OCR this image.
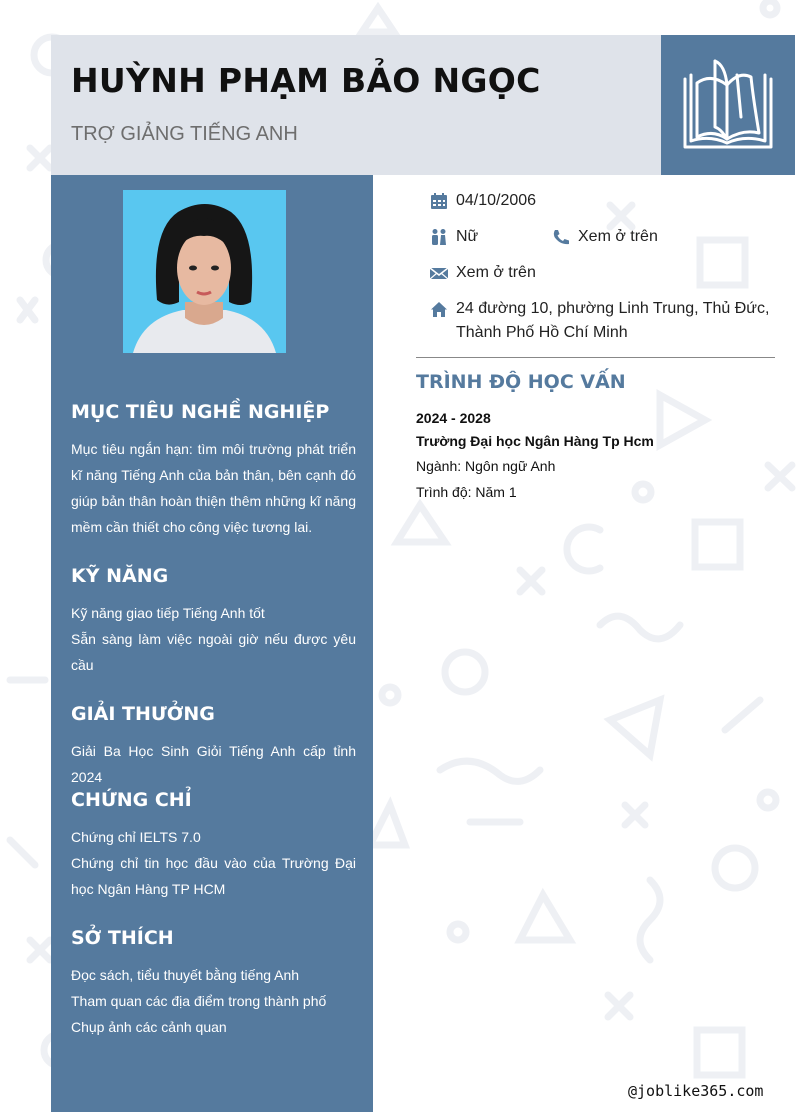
HUỲNH PHẠM BẢO NGỌC
TRỢ GIẢNG TIẾNG ANH
MỤC TIÊU NGHỀ NGHIỆP

Mục tiêu ngắn hạn: tìm môi trường phát triển kĩ năng Tiếng Anh của bản thân, bên cạnh đó giúp bản thân hoàn thiện thêm những kĩ năng mềm cần thiết cho công việc tương lai.

KỸ NĂNG

Kỹ năng giao tiếp Tiếng Anh tốt

Sẵn sàng làm việc ngoài giờ nếu được yêu cầu

GIẢI THƯỞNG

Giải Ba Học Sinh Giỏi Tiếng Anh cấp tỉnh 2024

CHỨNG CHỈ

Chứng chỉ IELTS 7.0

Chứng chỉ tin học đầu vào của Trường Đại học Ngân Hàng TP HCM

SỞ THÍCH

Đọc sách, tiểu thuyết bằng tiếng Anh

Tham quan các địa điểm trong thành phố

Chụp ảnh các cảnh quan

04/10/2006
Nữ	Xem ở trên
Xem ở trên
24 đường 10, phường Linh Trung, Thủ Đức,
Thành Phố Hồ Chí Minh
TRÌNH ĐỘ HỌC VẤN
2024 - 2028
Trường Đại học Ngân Hàng Tp Hcm
Ngành: Ngôn ngữ Anh
Trình độ: Năm 1
@joblike365.com
